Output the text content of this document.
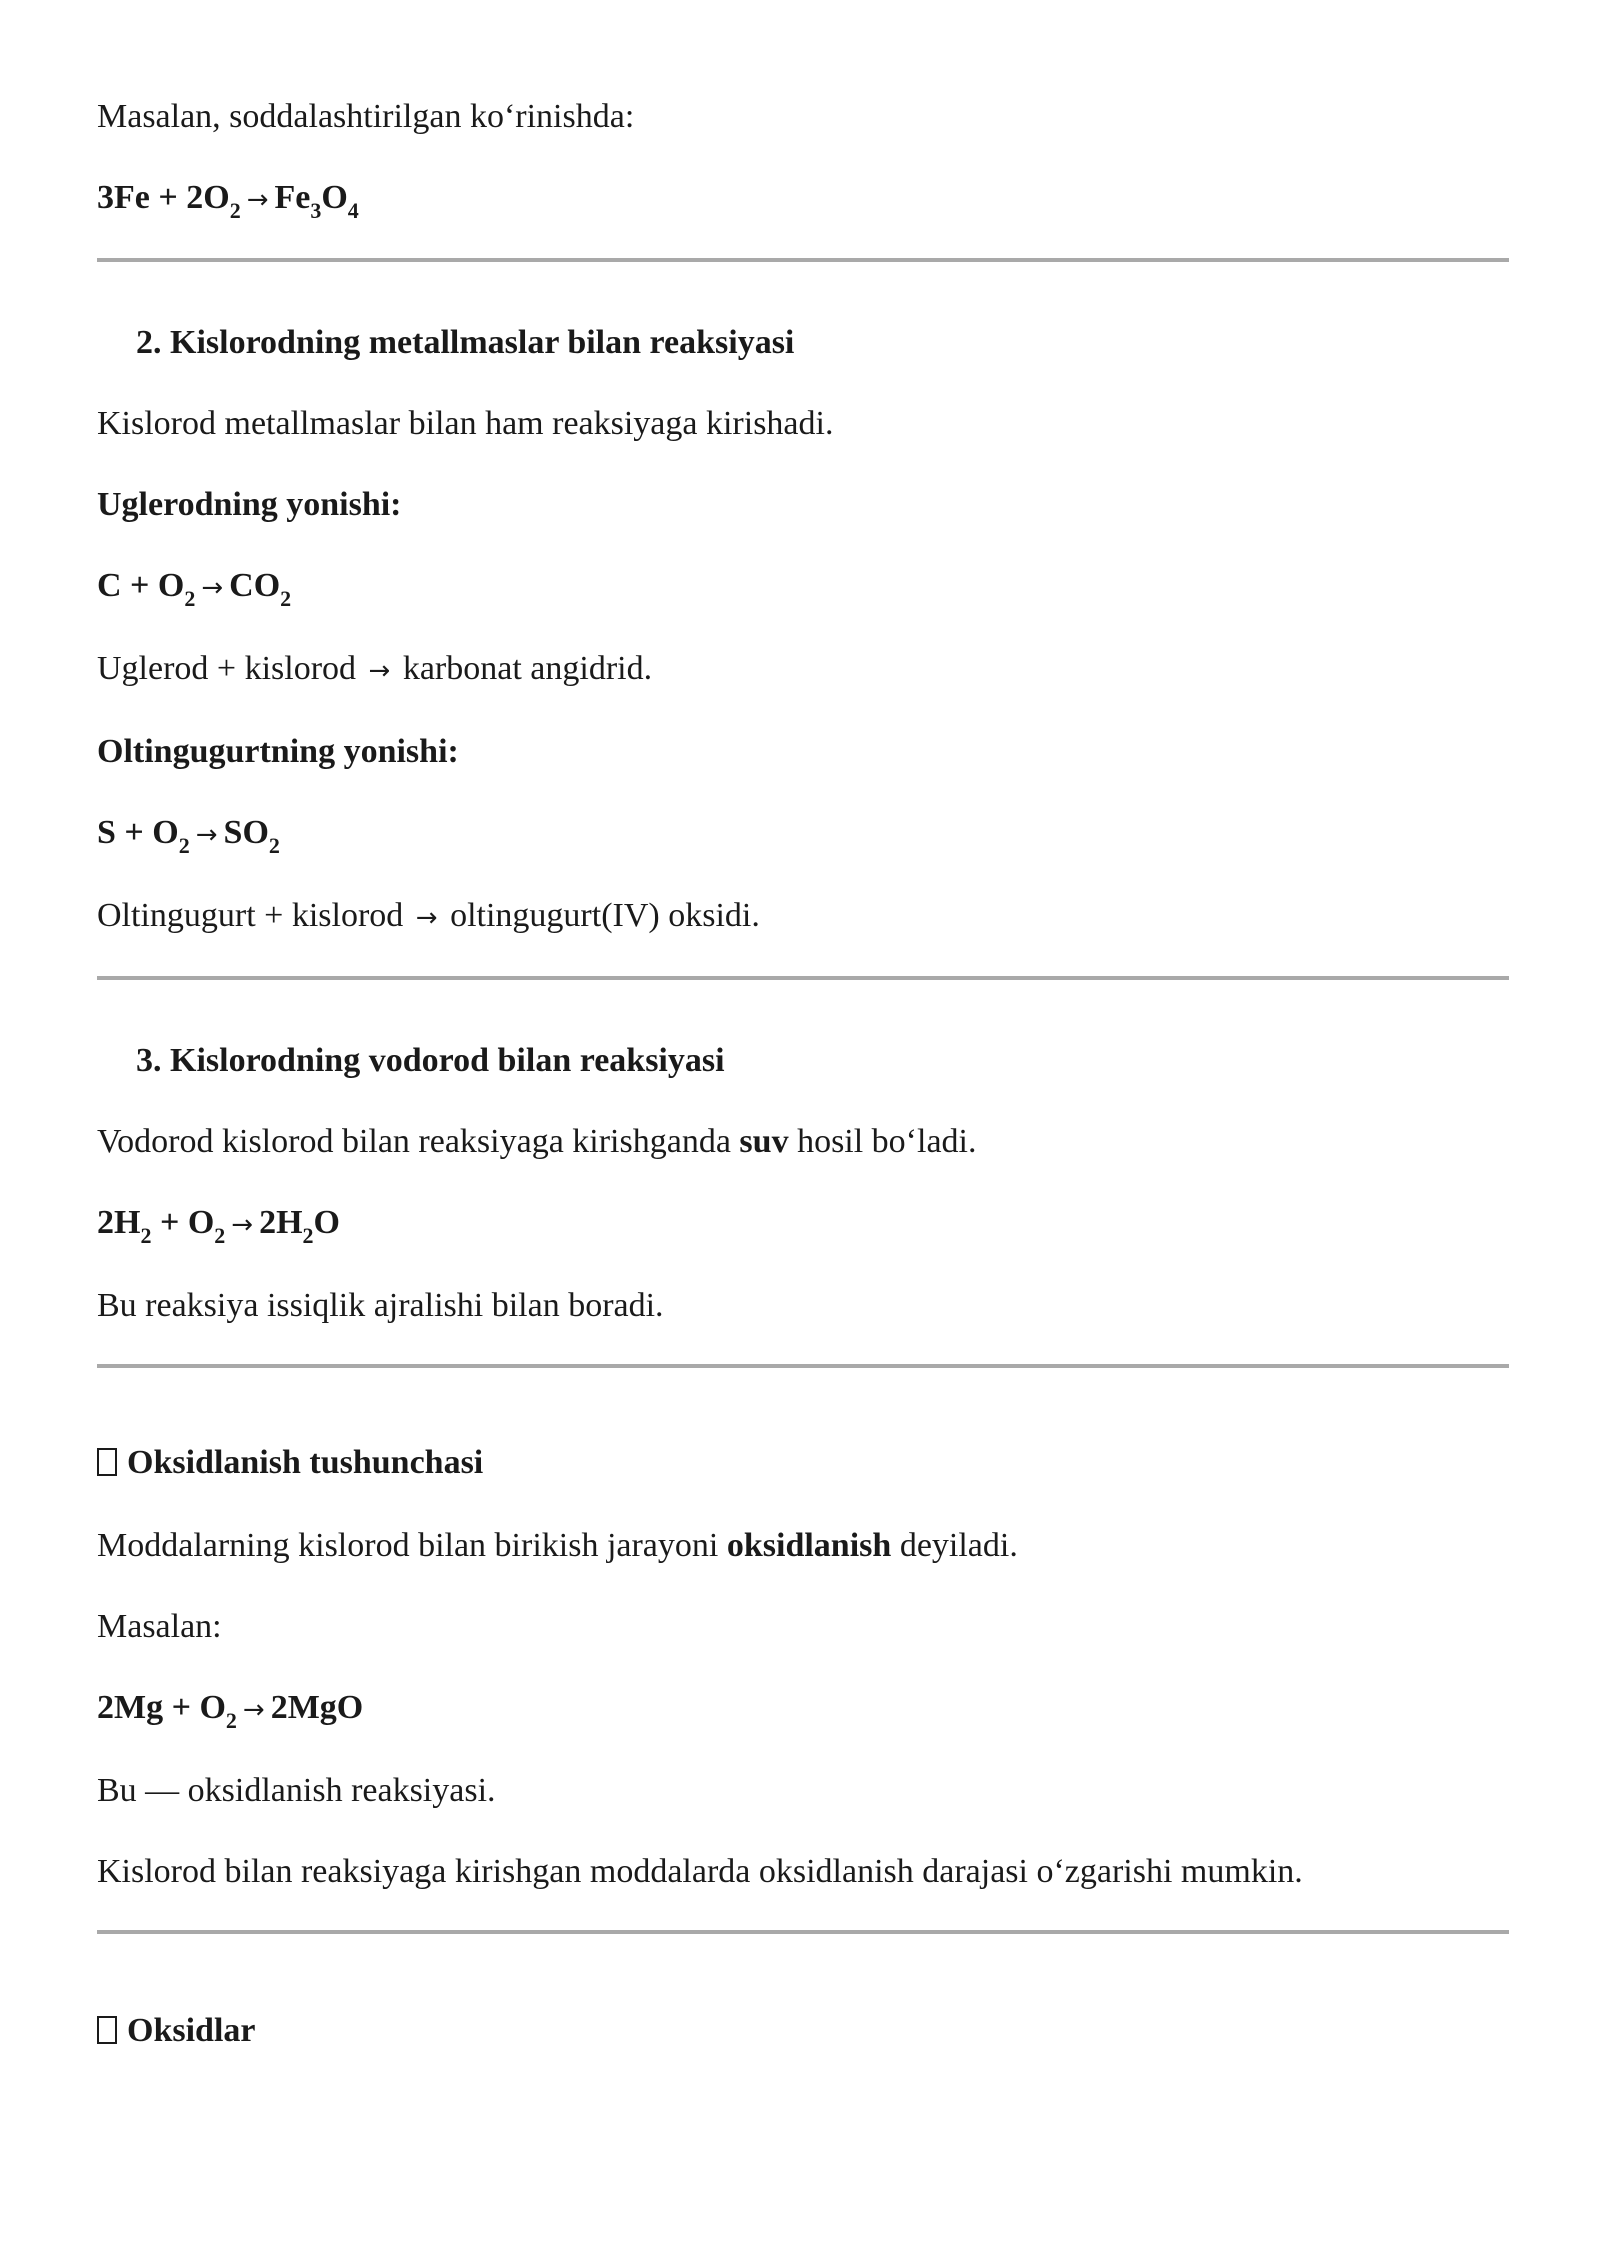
Masalan, soddalashtirilgan ko‘rinishda:

$3Fe + 2O_2 \to Fe_3O_4$

2. Kislorodning metallmaslar bilan reaksiyasi

Kislorod metallmaslar bilan ham reaksiyaga kirishadi.

Uglerodning yonishi:

$C + O_2 \to CO_2$

Uglerod + kislorod → karbonat angidrid.

Oltingugurtning yonishi:

$S + O_2 \to SO_2$

Oltingugurt + kislorod → oltingugurt(IV) oksidi.

3. Kislorodning vodorod bilan reaksiyasi

Vodorod kislorod bilan reaksiyaga kirishganda suv hosil bo‘ladi.

$2H_2 + O_2 \to 2H_2O$

Bu reaksiya issiqlik ajralishi bilan boradi.

Oksidlanish tushunchasi

Moddalarning kislorod bilan birikish jarayoni oksidlanish deyiladi.

Masalan:

$2Mg + O_2 \to 2MgO$

Bu — oksidlanish reaksiyasi.

Kislorod bilan reaksiyaga kirishgan moddalarda oksidlanish darajasi o‘zgarishi mumkin.

Oksidlar
